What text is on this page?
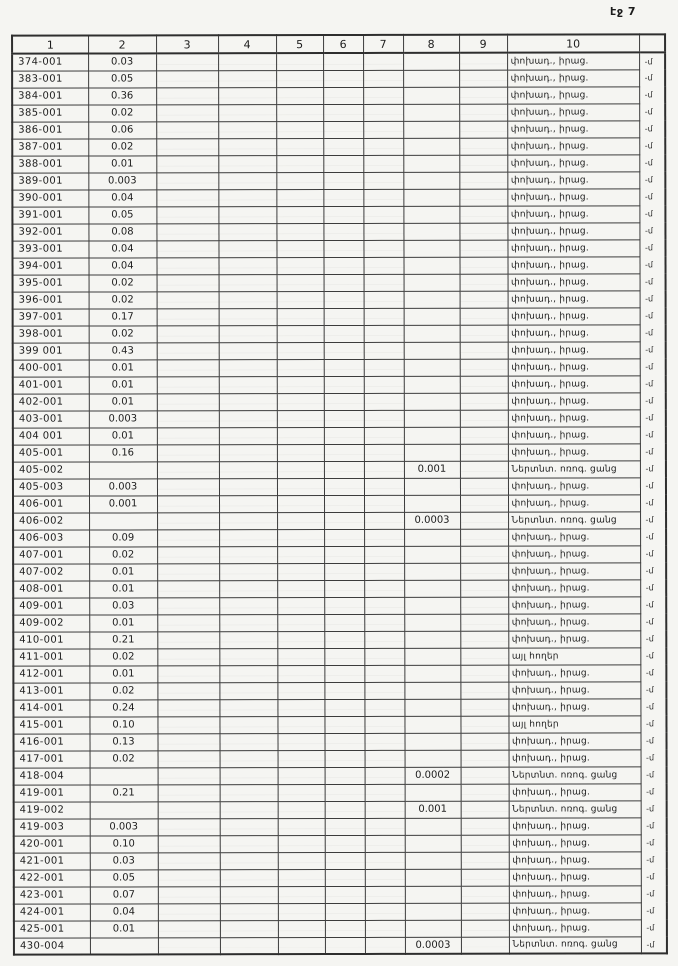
էջ 7
1	2	3	4	5	6	7	8	9	10	
374-001	0.03								փոխադ., իրաց.	-մ
383-001	0.05								փոխադ., իրաց.	-մ
384-001	0.36								փոխադ., իրաց.	-մ
385-001	0.02								փոխադ., իրաց.	-մ
386-001	0.06								փոխադ., իրաց.	-մ
387-001	0.02								փոխադ., իրաց.	-մ
388-001	0.01								փոխադ., իրաց.	-մ
389-001	0.003								փոխադ., իրաց.	-մ
390-001	0.04								փոխադ., իրաց.	-մ
391-001	0.05								փոխադ., իրաց.	-մ
392-001	0.08								փոխադ., իրաց.	-մ
393-001	0.04								փոխադ., իրաց.	-մ
394-001	0.04								փոխադ., իրաց.	-մ
395-001	0.02								փոխադ., իրաց.	-մ
396-001	0.02								փոխադ., իրաց.	-մ
397-001	0.17								փոխադ., իրաց.	-մ
398-001	0.02								փոխադ., իրաց.	-մ
399 001	0.43								փոխադ., իրաց.	-մ
400-001	0.01								փոխադ., իրաց.	-մ
401-001	0.01								փոխադ., իրաց.	-մ
402-001	0.01								փոխադ., իրաց.	-մ
403-001	0.003								փոխադ., իրաց.	-մ
404 001	0.01								փոխադ., իրաց.	-մ
405-001	0.16								փոխադ., իրաց.	-մ
405-002							0.001		Ներտնտ. ոռոգ. ցանց	-մ
405-003	0.003								փոխադ., իրաց.	-մ
406-001	0.001								փոխադ., իրաց.	-մ
406-002							0.0003		Ներտնտ. ոռոգ. ցանց	-մ
406-003	0.09								փոխադ., իրաց.	-մ
407-001	0.02								փոխադ., իրաց.	-մ
407-002	0.01								փոխադ., իրաց.	-մ
408-001	0.01								փոխադ., իրաց.	-մ
409-001	0.03								փոխադ., իրաց.	-մ
409-002	0.01								փոխադ., իրաց.	-մ
410-001	0.21								փոխադ., իրաց.	-մ
411-001	0.02								այլ հողեր	-մ
412-001	0.01								փոխադ., իրաց.	-մ
413-001	0.02								փոխադ., իրաց.	-մ
414-001	0.24								փոխադ., իրաց.	-մ
415-001	0.10								այլ հողեր	-մ
416-001	0.13								փոխադ., իրաց.	-մ
417-001	0.02								փոխադ., իրաց.	-մ
418-004							0.0002		Ներտնտ. ոռոգ. ցանց	-մ
419-001	0.21								փոխադ., իրաց.	-մ
419-002							0.001		Ներտնտ. ոռոգ. ցանց	-մ
419-003	0.003								փոխադ., իրաց.	-մ
420-001	0.10								փոխադ., իրաց.	-մ
421-001	0.03								փոխադ., իրաց.	-մ
422-001	0.05								փոխադ., իրաց.	-մ
423-001	0.07								փոխադ., իրաց.	-մ
424-001	0.04								փոխադ., իրաց.	-մ
425-001	0.01								փոխադ., իրաց.	-մ
430-004							0.0003		Ներտնտ. ոռոգ. ցանց	-մ
